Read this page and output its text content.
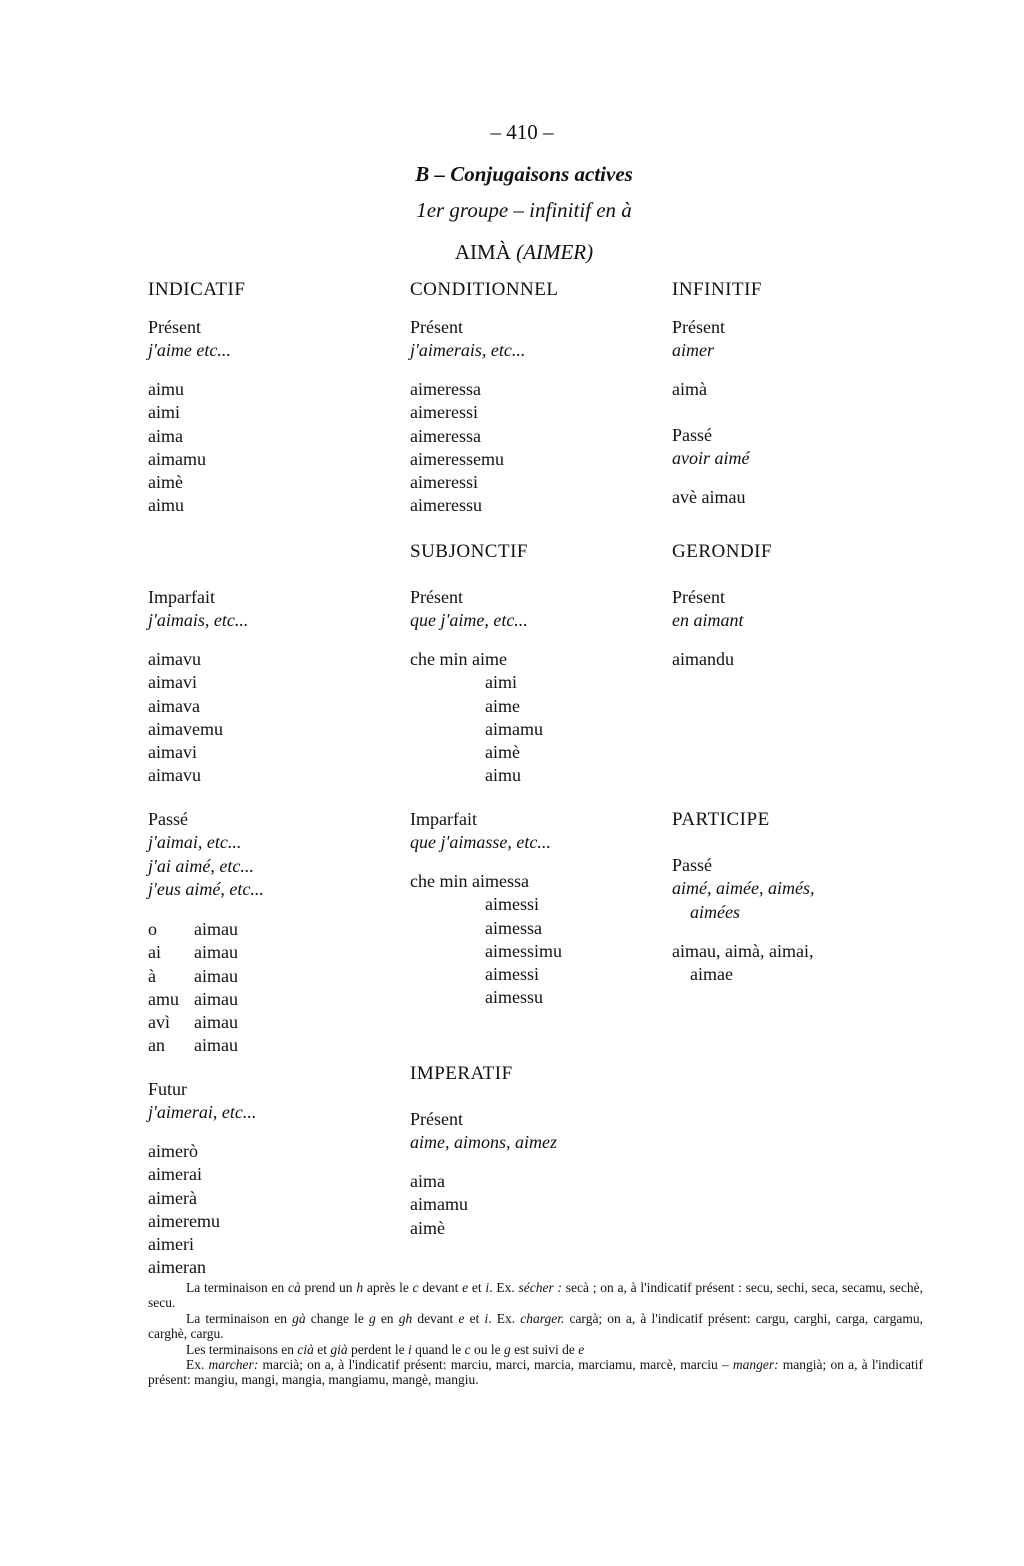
– 410 –
B – Conjugaisons actives
1er groupe – infinitif en à
AIMÀ (AIMER)
INDICATIF
Présent
j'aime etc...
aimu
aimi
aima
aimamu
aimè
aimu
Imparfait
j'aimais, etc...
aimavu
aimavi
aimava
aimavemu
aimavi
aimavu
Passé
j'aimai, etc...
j'ai aimé, etc...
j'eus aimé, etc...
o aimau
ai aimau
à aimau
amu aimau
avì aimau
an aimau
Futur
j'aimerai, etc...
aimerò
aimerai
aimerà
aimeremu
aimeri
aimeran
CONDITIONNEL
Présent
j'aimerais, etc...
aimeressa
aimeressi
aimeressa
aimeressemu
aimeressi
aimeressu
SUBJONCTIF
Présent
que j'aime, etc...
che min aime
aimi
aime
aimamu
aimè
aimu
Imparfait
que j'aimasse, etc...
che min aimessa
aimessi
aimessa
aimessimu
aimessi
aimessu
IMPERATIF
Présent
aime, aimons, aimez
aima
aimamu
aimè
INFINITIF
Présent
aimer
aimà
Passé
avoir aimé
avè aimau
GERONDIF
Présent
en aimant
aimandu
PARTICIPE
Passé
aimé, aimée, aimés,
aimées
aimau, aimà, aimai,
aimae

La terminaison en cà prend un h après le c devant e et i. Ex. sécher : secà ; on a, à l'indicatif présent : secu, sechi, seca, secamu, sechè, secu.

La terminaison en gà change le g en gh devant e et i. Ex. charger. cargà; on a, à l'indicatif présent: cargu, carghi, carga, cargamu, carghè, cargu.

Les terminaisons en cià et già perdent le i quand le c ou le g est suivi de e

Ex. marcher: marcià; on a, à l'indicatif présent: marciu, marci, marcia, marciamu, marcè, marciu – manger: mangià; on a, à l'indicatif présent: mangiu, mangi, mangia, mangiamu, mangè, mangiu.
